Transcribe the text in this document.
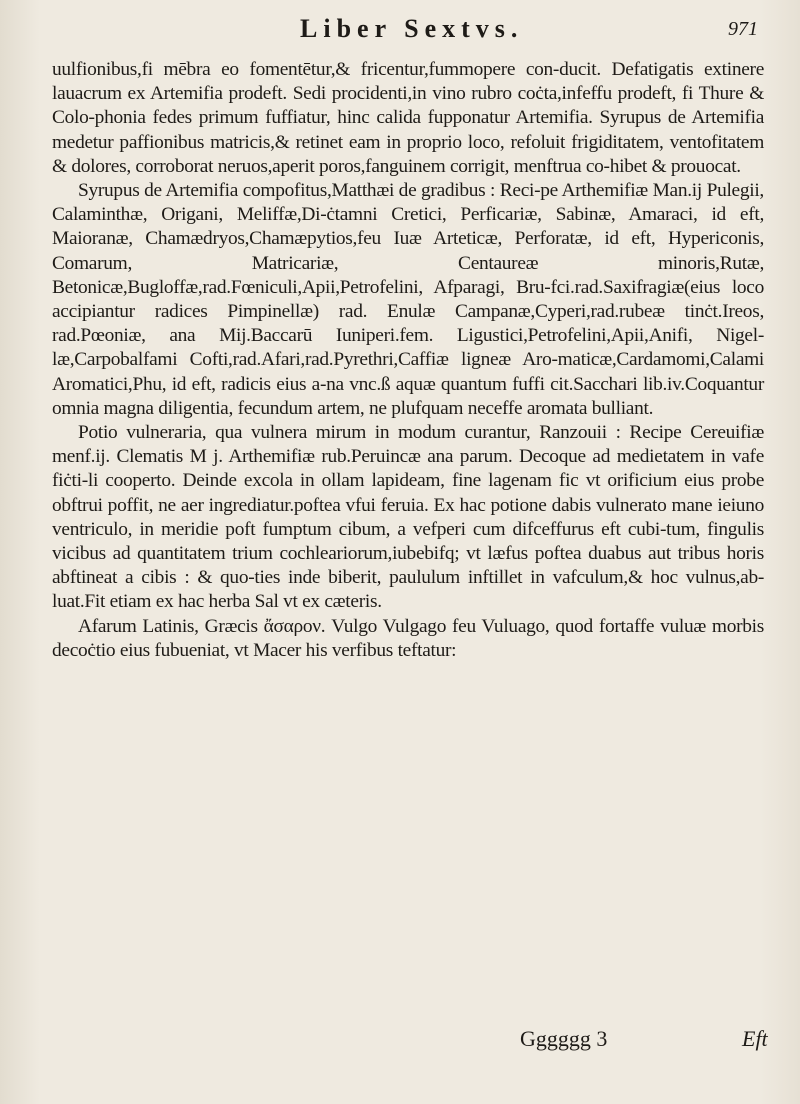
Liber Sextvs.	971

uulfionibus,fi mēbra eo fomentētur,& fricentur,fummopere con-ducit. Defatigatis extinere lauacrum ex Artemifia prodeft. Sedi procidenti,in vino rubro coċta,infeffu prodeft, fi Thure & Colo-phonia fedes primum fuffiatur, hinc calida fupponatur Artemifia. Syrupus de Artemifia medetur paffionibus matricis,& retinet eam in proprio loco, refoluit frigiditatem, ventofitatem & dolores, corroborat neruos,aperit poros,fanguinem corrigit, menftrua co-hibet & prouocat.

Syrupus de Artemifia compofitus,Matthæi de gradibus : Reci-pe Arthemifiæ Man.ij Pulegii, Calaminthæ, Origani, Meliffæ,Di-ċtamni Cretici, Perficariæ, Sabinæ, Amaraci, id eft, Maioranæ, Chamædryos,Chamæpytios,feu Iuæ Arteticæ, Perforatæ, id eft, Hypericonis, Comarum, Matricariæ, Centaureæ minoris,Rutæ, Betonicæ,Bugloffæ,rad.Fœniculi,Apii,Petrofelini, Afparagi, Bru-fci.rad.Saxifragiæ(eius loco accipiantur radices Pimpinellæ) rad. Enulæ Campanæ,Cyperi,rad.rubeæ tinċt.Ireos, rad.Pœoniæ, ana Mij.Baccarū Iuniperi.fem. Ligustici,Petrofelini,Apii,Anifi, Nigel-læ,Carpobalfami Cofti,rad.Afari,rad.Pyrethri,Caffiæ ligneæ Aro-maticæ,Cardamomi,Calami Aromatici,Phu, id eft, radicis eius a-na vnc.ß aquæ quantum fuffi cit.Sacchari lib.iv.Coquantur omnia magna diligentia, fecundum artem, ne plufquam neceffe aromata bulliant.

Potio vulneraria, qua vulnera mirum in modum curantur, Ranzouii : Recipe Cereuifiæ menf.ij. Clematis M j. Arthemifiæ rub.Peruincæ ana parum. Decoque ad medietatem in vafe fiċti-li cooperto. Deinde excola in ollam lapideam, fine lagenam fic vt orificium eius probe obftrui poffit, ne aer ingrediatur.poftea vfui feruia. Ex hac potione dabis vulnerato mane ieiuno ventriculo, in meridie poft fumptum cibum, a vefperi cum difceffurus eft cubi-tum, fingulis vicibus ad quantitatem trium cochleariorum,iubebifq; vt læfus poftea duabus aut tribus horis abftineat a cibis : & quo-ties inde biberit, paululum inftillet in vafculum,& hoc vulnus,ab-luat.Fit etiam ex hac herba Sal vt ex cæteris.

Afarum Latinis, Græcis ἄσαρον. Vulgo Vulgago feu Vuluago, quod fortaffe vuluæ morbis decoċtio eius fubueniat, vt Macer his verfibus teftatur:

Gggggg 3	Eft
